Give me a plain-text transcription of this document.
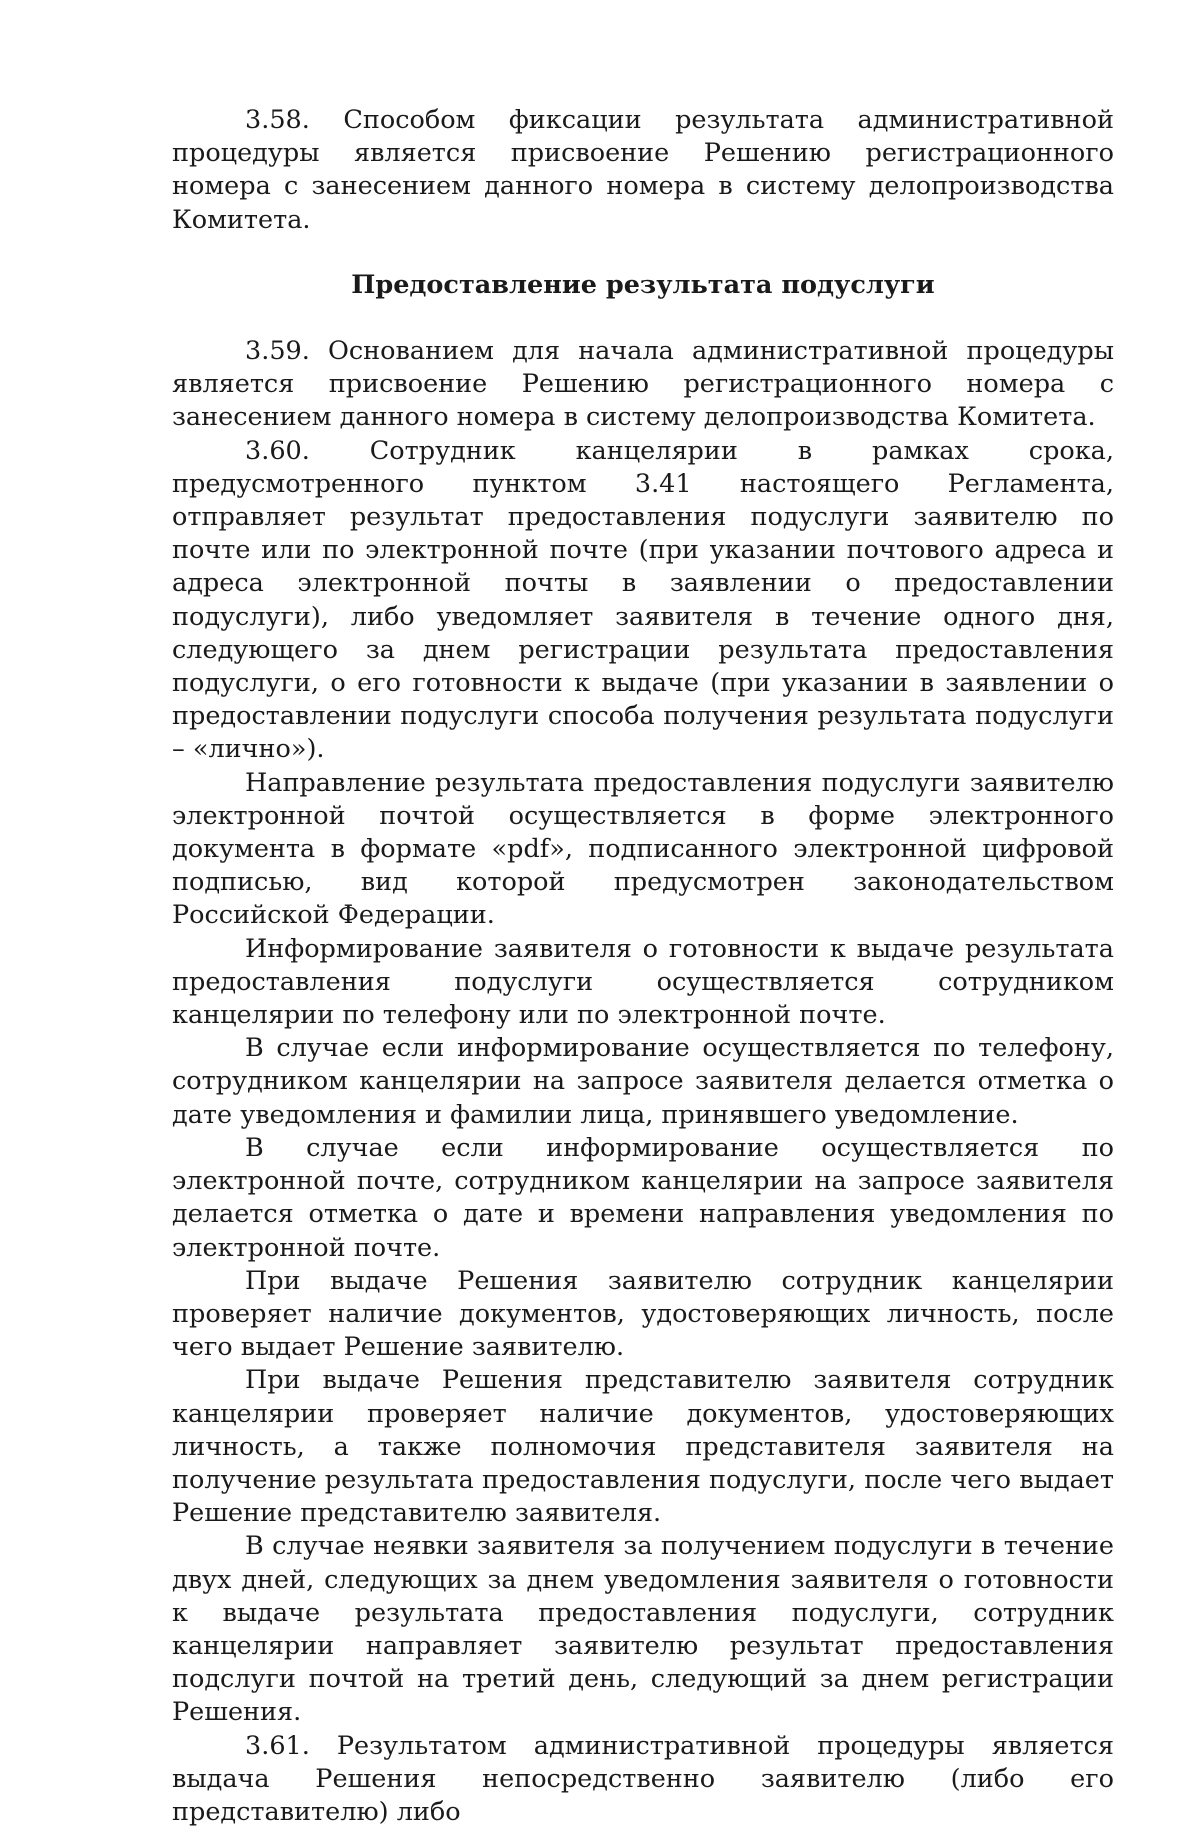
3.58. Способом фиксации результата административной процедуры является присвоение Решению регистрационного номера с занесением данного номера в систему делопроизводства Комитета.

Предоставление результата подуслуги

3.59. Основанием для начала административной процедуры является присвоение Решению регистрационного номера с занесением данного номера в систему делопроизводства Комитета.

3.60. Сотрудник канцелярии в рамках срока, предусмотренного пунктом 3.41 настоящего Регламента, отправляет результат предоставления подуслуги заявителю по почте или по электронной почте (при указании почтового адреса и адреса электронной почты в заявлении о предоставлении подуслуги), либо уведомляет заявителя в течение одного дня, следующего за днем регистрации результата предоставления подуслуги, о его готовности к выдаче (при указании в заявлении о предоставлении подуслуги способа получения результата подуслуги – «лично»).

Направление результата предоставления подуслуги заявителю электронной почтой осуществляется в форме электронного документа в формате «pdf», подписанного электронной цифровой подписью, вид которой предусмотрен законодательством Российской Федерации.

Информирование заявителя о готовности к выдаче результата предоставления подуслуги осуществляется сотрудником канцелярии по телефону или по электронной почте.

В случае если информирование осуществляется по телефону, сотрудником канцелярии на запросе заявителя делается отметка о дате уведомления и фамилии лица, принявшего уведомление.

В случае если информирование осуществляется по электронной почте, сотрудником канцелярии на запросе заявителя делается отметка о дате и времени направления уведомления по электронной почте.

При выдаче Решения заявителю сотрудник канцелярии проверяет наличие документов, удостоверяющих личность, после чего выдает Решение заявителю.

При выдаче Решения представителю заявителя сотрудник канцелярии проверяет наличие документов, удостоверяющих личность, а также полномочия представителя заявителя на получение результата предоставления подуслуги, после чего выдает Решение представителю заявителя.

В случае неявки заявителя за получением подуслуги в течение двух дней, следующих за днем уведомления заявителя о готовности к выдаче результата предоставления подуслуги, сотрудник канцелярии направляет заявителю результат предоставления подслуги почтой на третий день, следующий за днем регистрации Решения.

3.61. Результатом административной процедуры является выдача Решения непосредственно заявителю (либо его представителю) либо
